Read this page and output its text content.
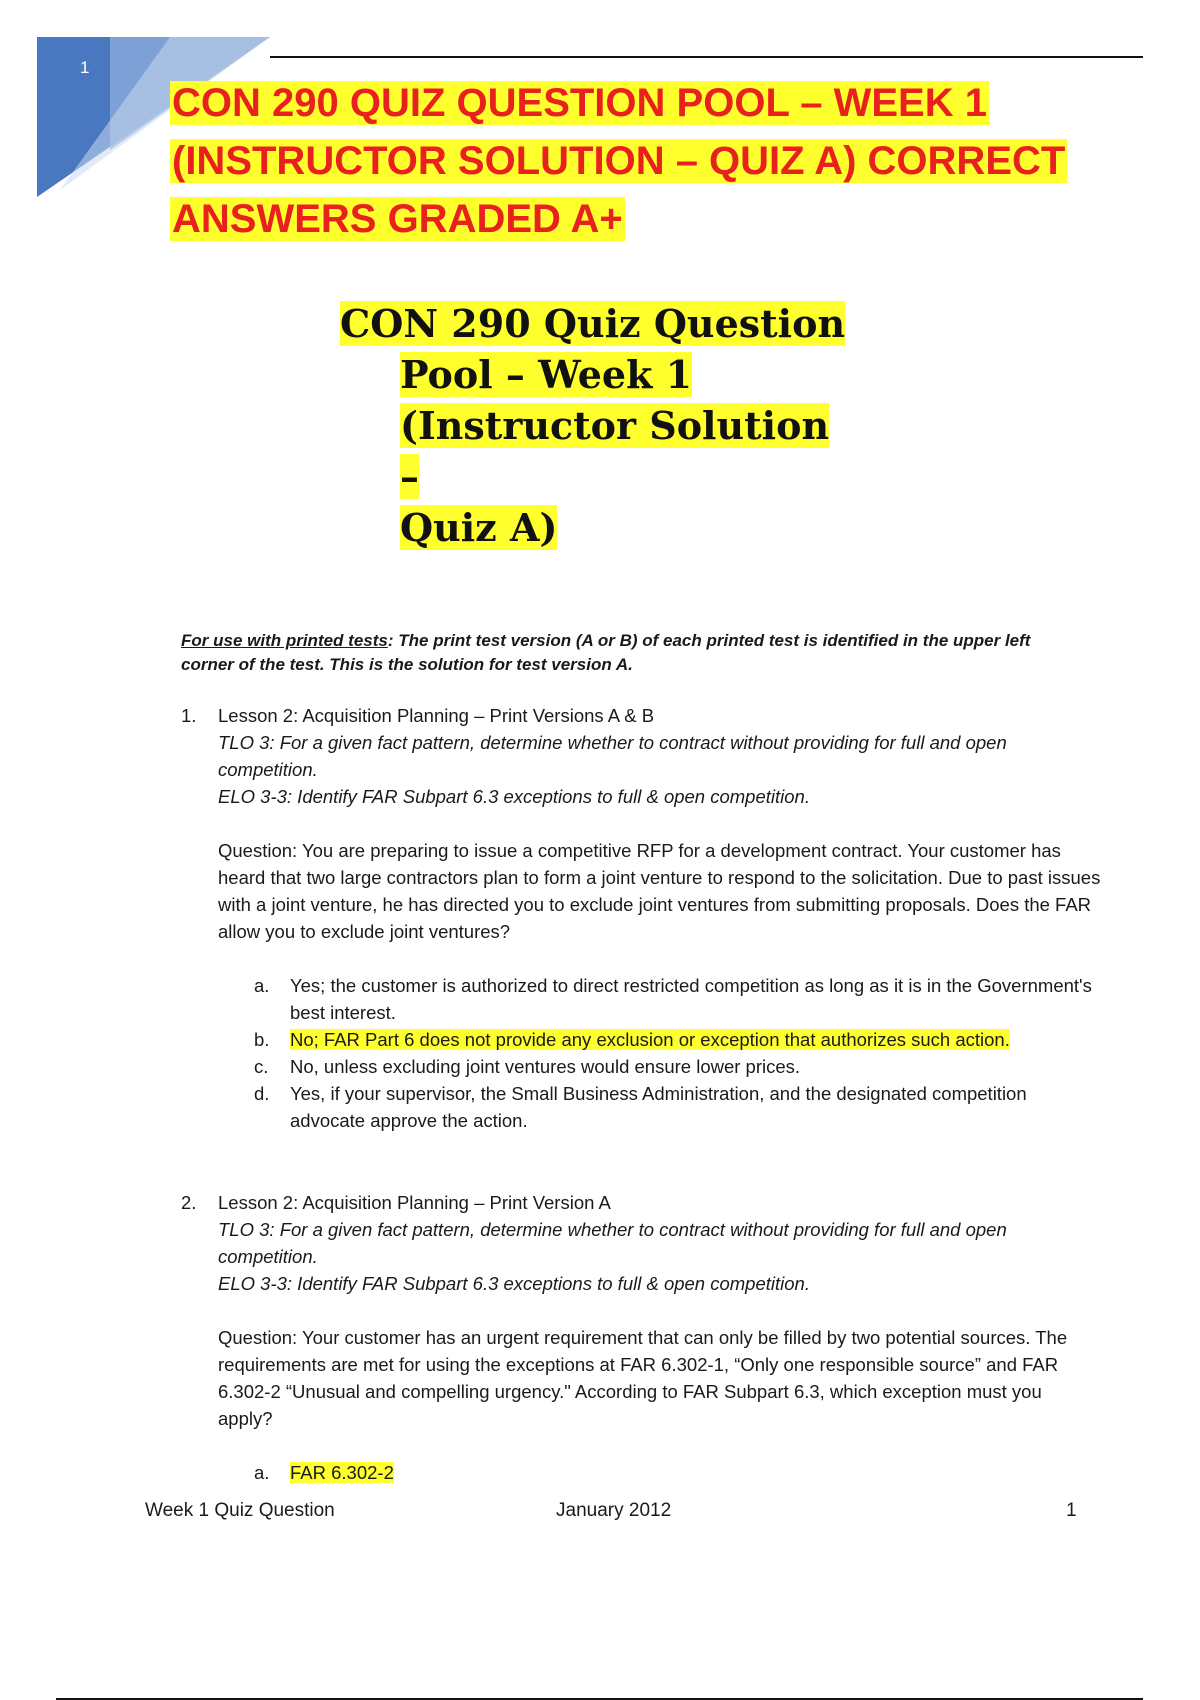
1
CON 290 QUIZ QUESTION POOL – WEEK 1
(INSTRUCTOR SOLUTION – QUIZ A) CORRECT
ANSWERS GRADED A+
CON 290 Quiz Question
Pool – Week 1
(Instructor Solution –
Quiz A)

For use with printed tests: The print test version (A or B) of each printed test is identified in the upper left corner of the test. This is the solution for test version A.

1. Lesson 2: Acquisition Planning – Print Versions A & B
TLO 3: For a given fact pattern, determine whether to contract without providing for full and open competition.
ELO 3-3: Identify FAR Subpart 6.3 exceptions to full & open competition.
Question: You are preparing to issue a competitive RFP for a development contract. Your customer has heard that two large contractors plan to form a joint venture to respond to the solicitation. Due to past issues with a joint venture, he has directed you to exclude joint ventures from submitting proposals. Does the FAR allow you to exclude joint ventures?
a. Yes; the customer is authorized to direct restricted competition as long as it is in the Government's best interest.
b. No; FAR Part 6 does not provide any exclusion or exception that authorizes such action.
c. No, unless excluding joint ventures would ensure lower prices.
d. Yes, if your supervisor, the Small Business Administration, and the designated competition advocate approve the action.
2. Lesson 2: Acquisition Planning – Print Version A
TLO 3: For a given fact pattern, determine whether to contract without providing for full and open competition.
ELO 3-3: Identify FAR Subpart 6.3 exceptions to full & open competition.
Question: Your customer has an urgent requirement that can only be filled by two potential sources. The requirements are met for using the exceptions at FAR 6.302-1, “Only one responsible source” and FAR 6.302-2 “Unusual and compelling urgency." According to FAR Subpart 6.3, which exception must you apply?
a. FAR 6.302-2
Week 1 Quiz Question	January 2012	1
